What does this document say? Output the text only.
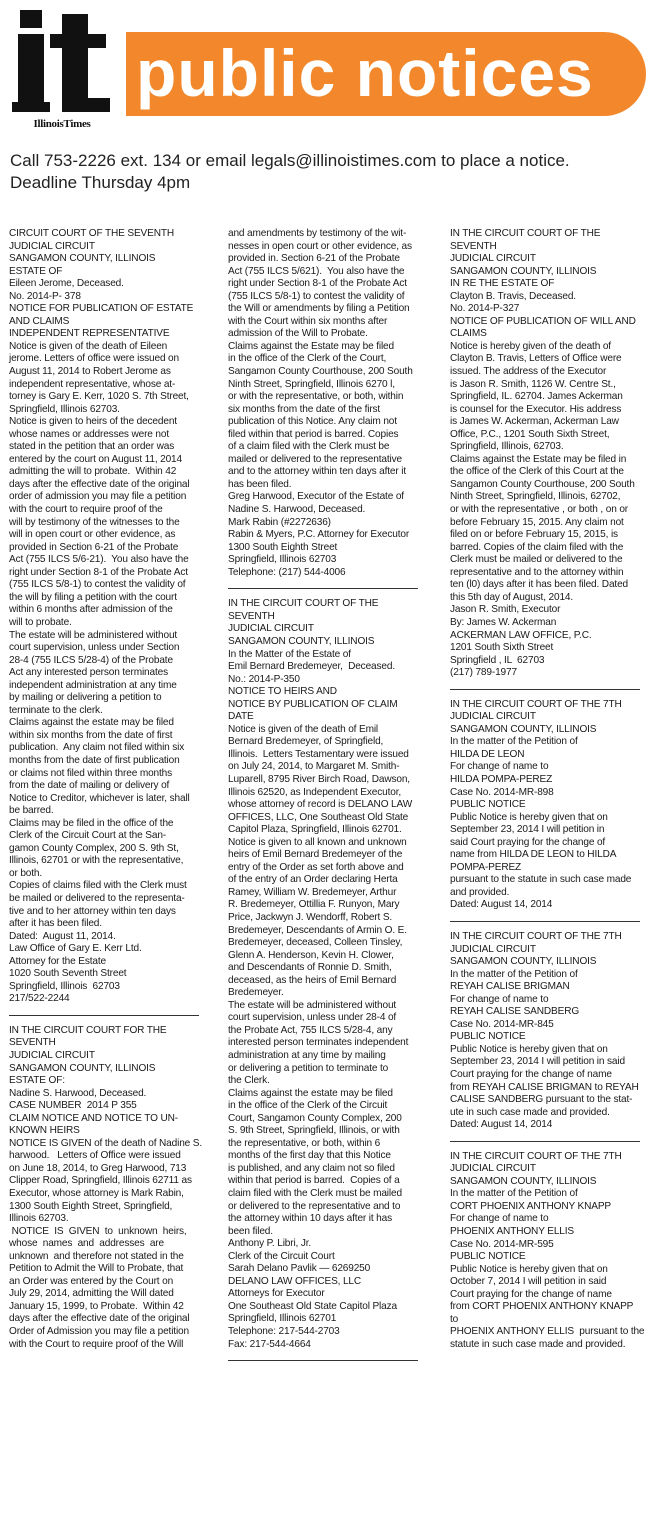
IllinoisTimes
public notices
Call 753-2226 ext. 134 or email legals@illinoistimes.com to place a notice.
Deadline Thursday 4pm
CIRCUIT COURT OF THE SEVENTH
JUDICIAL CIRCUIT
SANGAMON COUNTY, ILLINOIS
ESTATE OF
Eileen Jerome, Deceased.
No. 2014-P- 378
NOTICE FOR PUBLICATION OF ESTATE
AND CLAIMS
INDEPENDENT REPRESENTATIVE
Notice is given of the death of Eileen
jerome. Letters of office were issued on
August 11, 2014 to Robert Jerome as
independent representative, whose at-
torney is Gary E. Kerr, 1020 S. 7th Street,
Springfield, Illinois 62703.
Notice is given to heirs of the decedent
whose names or addresses were not
stated in the petition that an order was
entered by the court on August 11, 2014
admitting the will to probate.  Within 42
days after the effective date of the original
order of admission you may file a petition
with the court to require proof of the
will by testimony of the witnesses to the
will in open court or other evidence, as
provided in Section 6-21 of the Probate
Act (755 ILCS 5/6-21).  You also have the
right under Section 8-1 of the Probate Act
(755 ILCS 5/8-1) to contest the validity of
the will by filing a petition with the court
within 6 months after admission of the
will to probate.
The estate will be administered without
court supervision, unless under Section
28-4 (755 ILCS 5/28-4) of the Probate
Act any interested person terminates
independent administration at any time
by mailing or delivering a petition to
terminate to the clerk.
Claims against the estate may be filed
within six months from the date of first
publication.  Any claim not filed within six
months from the date of first publication
or claims not filed within three months
from the date of mailing or delivery of
Notice to Creditor, whichever is later, shall
be barred.
Claims may be filed in the office of the
Clerk of the Circuit Court at the San-
gamon County Complex, 200 S. 9th St,
Illinois, 62701 or with the representative,
or both.
Copies of claims filed with the Clerk must
be mailed or delivered to the representa-
tive and to her attorney within ten days
after it has been filed.
Dated:  August 11, 2014.
Law Office of Gary E. Kerr Ltd.
Attorney for the Estate
1020 South Seventh Street
Springfield, Illinois  62703
217/522-2244
IN THE CIRCUIT COURT FOR THE SEVENTH
JUDICIAL CIRCUIT
SANGAMON COUNTY, ILLINOIS
ESTATE OF:
Nadine S. Harwood, Deceased.
CASE NUMBER  2014 P 355
CLAIM NOTICE AND NOTICE TO UN-
KNOWN HEIRS
NOTICE IS GIVEN of the death of Nadine S.
harwood.   Letters of Office were issued
on June 18, 2014, to Greg Harwood, 713
Clipper Road, Springfield, Illinois 62711 as
Executor, whose attorney is Mark Rabin,
1300 South Eighth Street, Springfield,
Illinois 62703.
NOTICE  IS  GIVEN  to  unknown  heirs,
whose  names  and  addresses  are
unknown  and therefore not stated in the
Petition to Admit the Will to Probate, that
an Order was entered by the Court on
July 29, 2014, admitting the Will dated
January 15, 1999, to Probate.  Within 42
days after the effective date of the original
Order of Admission you may file a petition
with the Court to require proof of the Will
and amendments by testimony of the wit-
nesses in open court or other evidence, as
provided in. Section 6-21 of the Probate
Act (755 ILCS 5/621).  You also have the
right under Section 8-1 of the Probate Act
(755 ILCS 5/8-1) to contest the validity of
the Will or amendments by filing a Petition
with the Court within six months after
admission of the Will to Probate.
Claims against the Estate may be filed
in the office of the Clerk of the Court,
Sangamon County Courthouse, 200 South
Ninth Street, Springfield, Illinois 6270 l,
or with the representative, or both, within
six months from the date of the first
publication of this Notice. Any claim not
filed within that period is barred. Copies
of a claim filed with the Clerk must be
mailed or delivered to the representative
and to the attorney within ten days after it
has been filed.
Greg Harwood, Executor of the Estate of
Nadine S. Harwood, Deceased.
Mark Rabin (#2272636)
Rabin & Myers, P.C. Attorney for Executor
1300 South Eighth Street
Springfield, Illinois 62703
Telephone: (217) 544-4006
IN THE CIRCUIT COURT OF THE SEVENTH
JUDICIAL CIRCUIT
SANGAMON COUNTY, ILLINOIS
In the Matter of the Estate of
Emil Bernard Bredemeyer,  Deceased.
No.: 2014-P-350
NOTICE TO HEIRS AND
NOTICE BY PUBLICATION OF CLAIM DATE
Notice is given of the death of Emil
Bernard Bredemeyer, of Springfield,
Illinois.  Letters Testamentary were issued
on July 24, 2014, to Margaret M. Smith-
Luparell, 8795 River Birch Road, Dawson,
Illinois 62520, as Independent Executor,
whose attorney of record is DELANO LAW
OFFICES, LLC, One Southeast Old State
Capitol Plaza, Springfield, Illinois 62701.
Notice is given to all known and unknown
heirs of Emil Bernard Bredemeyer of the
entry of the Order as set forth above and
of the entry of an Order declaring Herta
Ramey, William W. Bredemeyer, Arthur
R. Bredemeyer, Ottillia F. Runyon, Mary
Price, Jackwyn J. Wendorff, Robert S.
Bredemeyer, Descendants of Armin O. E.
Bredemeyer, deceased, Colleen Tinsley,
Glenn A. Henderson, Kevin H. Clower,
and Descendants of Ronnie D. Smith,
deceased, as the heirs of Emil Bernard
Bredemeyer.
The estate will be administered without
court supervision, unless under 28-4 of
the Probate Act, 755 ILCS 5/28-4, any
interested person terminates independent
administration at any time by mailing
or delivering a petition to terminate to
the Clerk.
Claims against the estate may be filed
in the office of the Clerk of the Circuit
Court, Sangamon County Complex, 200
S. 9th Street, Springfield, Illinois, or with
the representative, or both, within 6
months of the first day that this Notice
is published, and any claim not so filed
within that period is barred.  Copies of a
claim filed with the Clerk must be mailed
or delivered to the representative and to
the attorney within 10 days after it has
been filed.
Anthony P. Libri, Jr.
Clerk of the Circuit Court
Sarah Delano Pavlik — 6269250
DELANO LAW OFFICES, LLC
Attorneys for Executor
One Southeast Old State Capitol Plaza
Springfield, Illinois 62701
Telephone: 217-544-2703
Fax: 217-544-4664
IN THE CIRCUIT COURT OF THE SEVENTH
JUDICIAL CIRCUIT
SANGAMON COUNTY, ILLINOIS
IN RE THE ESTATE OF
Clayton B. Travis, Deceased.
No. 2014-P-327
NOTICE OF PUBLICATION OF WILL AND
CLAIMS
Notice is hereby given of the death of
Clayton B. Travis, Letters of Office were
issued. The address of the Executor
is Jason R. Smith, 1126 W. Centre St.,
Springfield, IL. 62704. James Ackerman
is counsel for the Executor. His address
is James W. Ackerman, Ackerman Law
Office, P.C., 1201 South Sixth Street,
Springfield, Illinois, 62703.
Claims against the Estate may be filed in
the office of the Clerk of this Court at the
Sangamon County Courthouse, 200 South
Ninth Street, Springfield, Illinois, 62702,
or with the representative , or both , on or
before February 15, 2015. Any claim not
filed on or before February 15, 2015, is
barred. Copies of the claim filed with the
Clerk must be mailed or delivered to the
representative and to the attorney within
ten (l0) days after it has been filed. Dated
this 5th day of August, 2014.
Jason R. Smith, Executor
By: James W. Ackerman
ACKERMAN LAW OFFICE, P.C.
1201 South Sixth Street
Springfield , IL  62703
(217) 789-1977
IN THE CIRCUIT COURT OF THE 7TH
JUDICIAL CIRCUIT
SANGAMON COUNTY, ILLINOIS
In the matter of the Petition of
HILDA DE LEON
For change of name to
HILDA POMPA-PEREZ
Case No. 2014-MR-898
PUBLIC NOTICE
Public Notice is hereby given that on
September 23, 2014 I will petition in
said Court praying for the change of
name from HILDA DE LEON to HILDA
POMPA-PEREZ
pursuant to the statute in such case made
and provided.
Dated: August 14, 2014
IN THE CIRCUIT COURT OF THE 7TH
JUDICIAL CIRCUIT
SANGAMON COUNTY, ILLINOIS
In the matter of the Petition of
REYAH CALISE BRIGMAN
For change of name to
REYAH CALISE SANDBERG
Case No. 2014-MR-845
PUBLIC NOTICE
Public Notice is hereby given that on
September 23, 2014 I will petition in said
Court praying for the change of name
from REYAH CALISE BRIGMAN to REYAH
CALISE SANDBERG pursuant to the stat-
ute in such case made and provided.
Dated: August 14, 2014
IN THE CIRCUIT COURT OF THE 7TH
JUDICIAL CIRCUIT
SANGAMON COUNTY, ILLINOIS
In the matter of the Petition of
CORT PHOENIX ANTHONY KNAPP
For change of name to
PHOENIX ANTHONY ELLIS
Case No. 2014-MR-595
PUBLIC NOTICE
Public Notice is hereby given that on
October 7, 2014 I will petition in said
Court praying for the change of name
from CORT PHOENIX ANTHONY KNAPP  to
PHOENIX ANTHONY ELLIS  pursuant to the
statute in such case made and provided.
